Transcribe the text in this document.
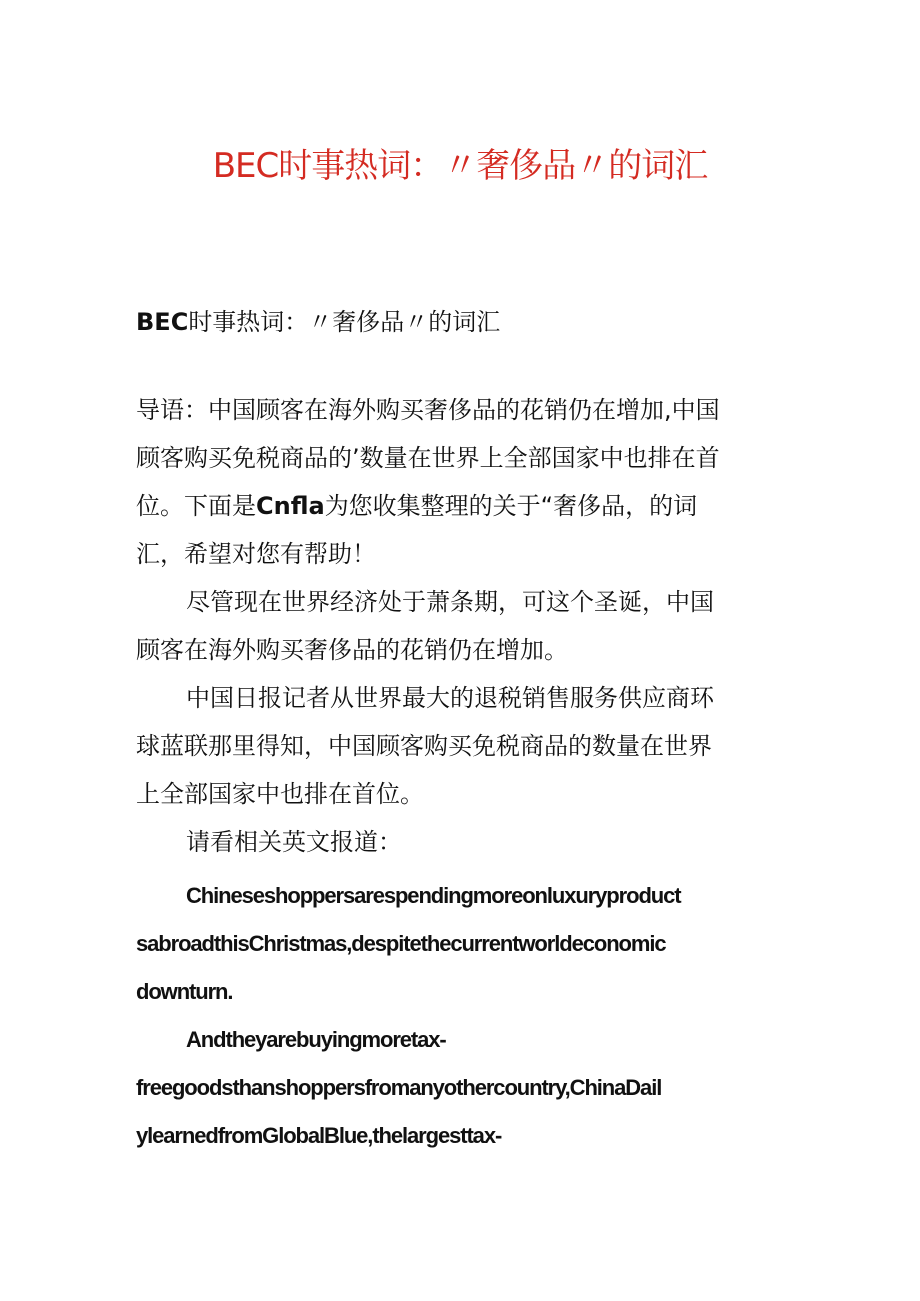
BEC时事热词：〃奢侈品〃的词汇
BEC时事热词：〃奢侈品〃的词汇
导语：中国顾客在海外购买奢侈品的花销仍在增加,中国
顾客购买免税商品的’数量在世界上全部国家中也排在首
位。下面是Cnfla为您收集整理的关于“奢侈品，的词
汇，希望对您有帮助！
尽管现在世界经济处于萧条期，可这个圣诞，中国
顾客在海外购买奢侈品的花销仍在增加。
中国日报记者从世界最大的退税销售服务供应商环
球蓝联那里得知，中国顾客购买免税商品的数量在世界
上全部国家中也排在首位。
请看相关英文报道：
Chineseshoppersarespendingmoreonluxuryproduct
sabroadthisChristmas,despitethecurrentworldeconomic
downturn.
Andtheyarebuyingmoretax-
freegoodsthanshoppersfromanyothercountry,ChinaDail
ylearnedfromGlobalBlue,thelargesttax-
